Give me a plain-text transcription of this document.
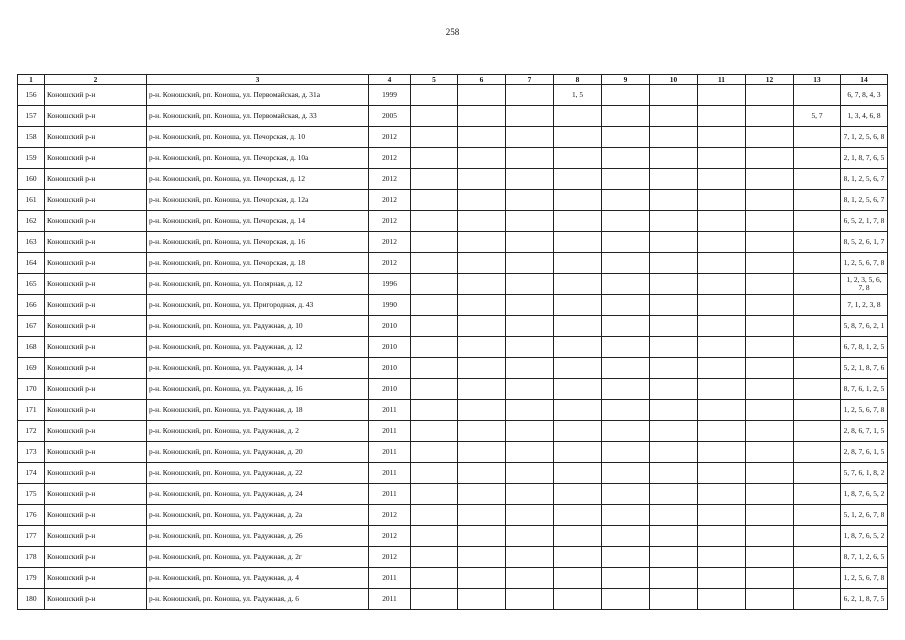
258
1	2	3	4	5	6	7	8	9	10	11	12	13	14
156	Коношский р-н	р-н. Коношский, рп. Коноша, ул. Первомайская, д. 31а	1999				1, 5						6, 7, 8, 4, 3
157	Коношский р-н	р-н. Коношский, рп. Коноша, ул. Первомайская, д. 33	2005									5, 7	1, 3, 4, 6, 8
158	Коношский р-н	р-н. Коношский, рп. Коноша, ул. Печорская, д. 10	2012										7, 1, 2, 5, 6, 8
159	Коношский р-н	р-н. Коношский, рп. Коноша, ул. Печорская, д. 10а	2012										2, 1, 8, 7, 6, 5
160	Коношский р-н	р-н. Коношский, рп. Коноша, ул. Печорская, д. 12	2012										8, 1, 2, 5, 6, 7
161	Коношский р-н	р-н. Коношский, рп. Коноша, ул. Печорская, д. 12а	2012										8, 1, 2, 5, 6, 7
162	Коношский р-н	р-н. Коношский, рп. Коноша, ул. Печорская, д. 14	2012										6, 5, 2, 1, 7, 8
163	Коношский р-н	р-н. Коношский, рп. Коноша, ул. Печорская, д. 16	2012										8, 5, 2, 6, 1, 7
164	Коношский р-н	р-н. Коношский, рп. Коноша, ул. Печорская, д. 18	2012										1, 2, 5, 6, 7, 8
165	Коношский р-н	р-н. Коношский, рп. Коноша, ул. Полярная, д. 12	1996										1, 2, 3, 5, 6, 7, 8
166	Коношский р-н	р-н. Коношский, рп. Коноша, ул. Пригородная, д. 43	1990										7, 1, 2, 3, 8
167	Коношский р-н	р-н. Коношский, рп. Коноша, ул. Радужная, д. 10	2010										5, 8, 7, 6, 2, 1
168	Коношский р-н	р-н. Коношский, рп. Коноша, ул. Радужная, д. 12	2010										6, 7, 8, 1, 2, 5
169	Коношский р-н	р-н. Коношский, рп. Коноша, ул. Радужная, д. 14	2010										5, 2, 1, 8, 7, 6
170	Коношский р-н	р-н. Коношский, рп. Коноша, ул. Радужная, д. 16	2010										8, 7, 6, 1, 2, 5
171	Коношский р-н	р-н. Коношский, рп. Коноша, ул. Радужная, д. 18	2011										1, 2, 5, 6, 7, 8
172	Коношский р-н	р-н. Коношский, рп. Коноша, ул. Радужная, д. 2	2011										2, 8, 6, 7, 1, 5
173	Коношский р-н	р-н. Коношский, рп. Коноша, ул. Радужная, д. 20	2011										2, 8, 7, 6, 1, 5
174	Коношский р-н	р-н. Коношский, рп. Коноша, ул. Радужная, д. 22	2011										5, 7, 6, 1, 8, 2
175	Коношский р-н	р-н. Коношский, рп. Коноша, ул. Радужная, д. 24	2011										1, 8, 7, 6, 5, 2
176	Коношский р-н	р-н. Коношский, рп. Коноша, ул. Радужная, д. 2а	2012										5, 1, 2, 6, 7, 8
177	Коношский р-н	р-н. Коношский, рп. Коноша, ул. Радужная, д. 26	2012										1, 8, 7, 6, 5, 2
178	Коношский р-н	р-н. Коношский, рп. Коноша, ул. Радужная, д. 2г	2012										8, 7, 1, 2, 6, 5
179	Коношский р-н	р-н. Коношский, рп. Коноша, ул. Радужная, д. 4	2011										1, 2, 5, 6, 7, 8
180	Коношский р-н	р-н. Коношский, рп. Коноша, ул. Радужная, д. 6	2011										6, 2, 1, 8, 7, 5
